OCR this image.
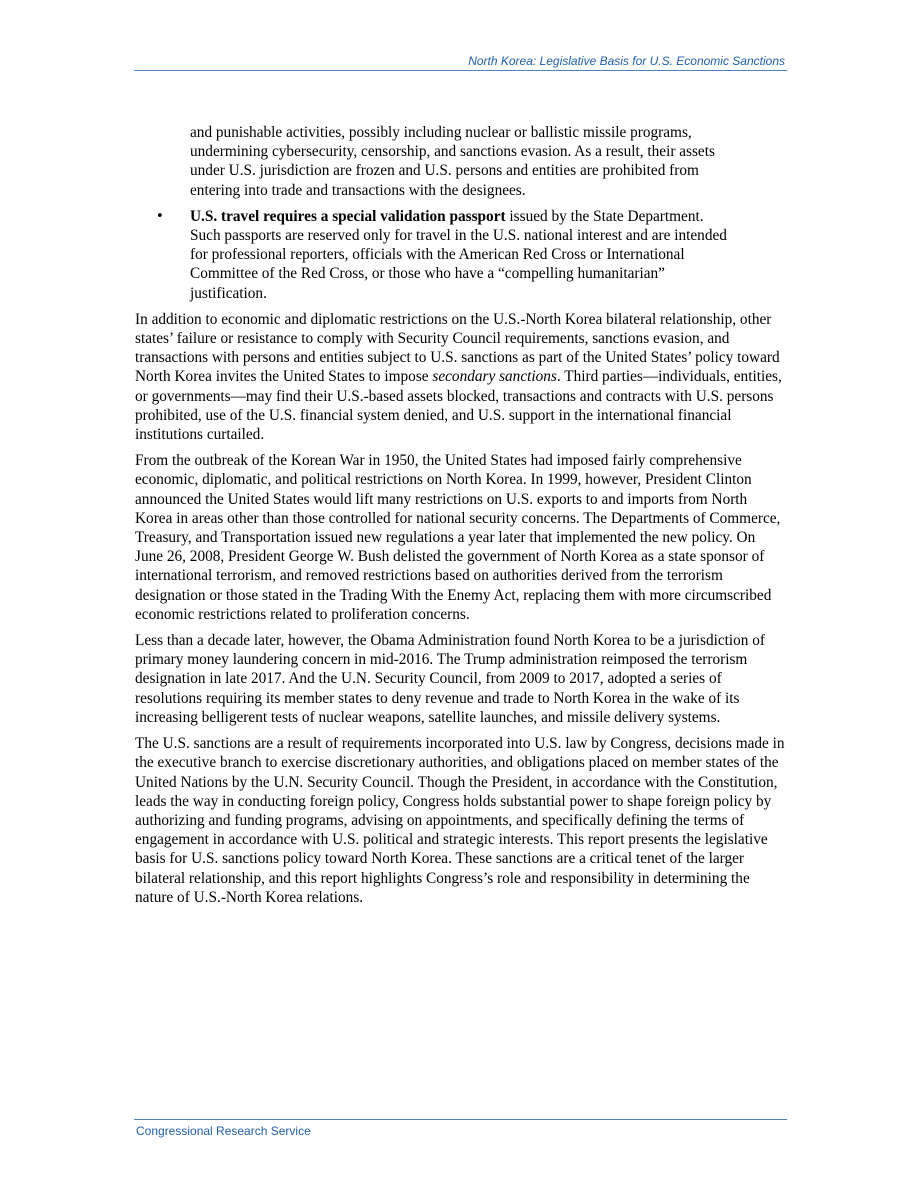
North Korea: Legislative Basis for U.S. Economic Sanctions

and punishable activities, possibly including nuclear or ballistic missile programs, undermining cybersecurity, censorship, and sanctions evasion. As a result, their assets under U.S. jurisdiction are frozen and U.S. persons and entities are prohibited from entering into trade and transactions with the designees.

• U.S. travel requires a special validation passport issued by the State Department. Such passports are reserved only for travel in the U.S. national interest and are intended for professional reporters, officials with the American Red Cross or International Committee of the Red Cross, or those who have a “compelling humanitarian” justification.

In addition to economic and diplomatic restrictions on the U.S.-North Korea bilateral relationship, other states’ failure or resistance to comply with Security Council requirements, sanctions evasion, and transactions with persons and entities subject to U.S. sanctions as part of the United States’ policy toward North Korea invites the United States to impose secondary sanctions. Third parties—individuals, entities, or governments—may find their U.S.-based assets blocked, transactions and contracts with U.S. persons prohibited, use of the U.S. financial system denied, and U.S. support in the international financial institutions curtailed.

From the outbreak of the Korean War in 1950, the United States had imposed fairly comprehensive economic, diplomatic, and political restrictions on North Korea. In 1999, however, President Clinton announced the United States would lift many restrictions on U.S. exports to and imports from North Korea in areas other than those controlled for national security concerns. The Departments of Commerce, Treasury, and Transportation issued new regulations a year later that implemented the new policy. On June 26, 2008, President George W. Bush delisted the government of North Korea as a state sponsor of international terrorism, and removed restrictions based on authorities derived from the terrorism designation or those stated in the Trading With the Enemy Act, replacing them with more circumscribed economic restrictions related to proliferation concerns.

Less than a decade later, however, the Obama Administration found North Korea to be a jurisdiction of primary money laundering concern in mid-2016. The Trump administration reimposed the terrorism designation in late 2017. And the U.N. Security Council, from 2009 to 2017, adopted a series of resolutions requiring its member states to deny revenue and trade to North Korea in the wake of its increasing belligerent tests of nuclear weapons, satellite launches, and missile delivery systems.

The U.S. sanctions are a result of requirements incorporated into U.S. law by Congress, decisions made in the executive branch to exercise discretionary authorities, and obligations placed on member states of the United Nations by the U.N. Security Council. Though the President, in accordance with the Constitution, leads the way in conducting foreign policy, Congress holds substantial power to shape foreign policy by authorizing and funding programs, advising on appointments, and specifically defining the terms of engagement in accordance with U.S. political and strategic interests. This report presents the legislative basis for U.S. sanctions policy toward North Korea. These sanctions are a critical tenet of the larger bilateral relationship, and this report highlights Congress’s role and responsibility in determining the nature of U.S.-North Korea relations.

Congressional Research Service
